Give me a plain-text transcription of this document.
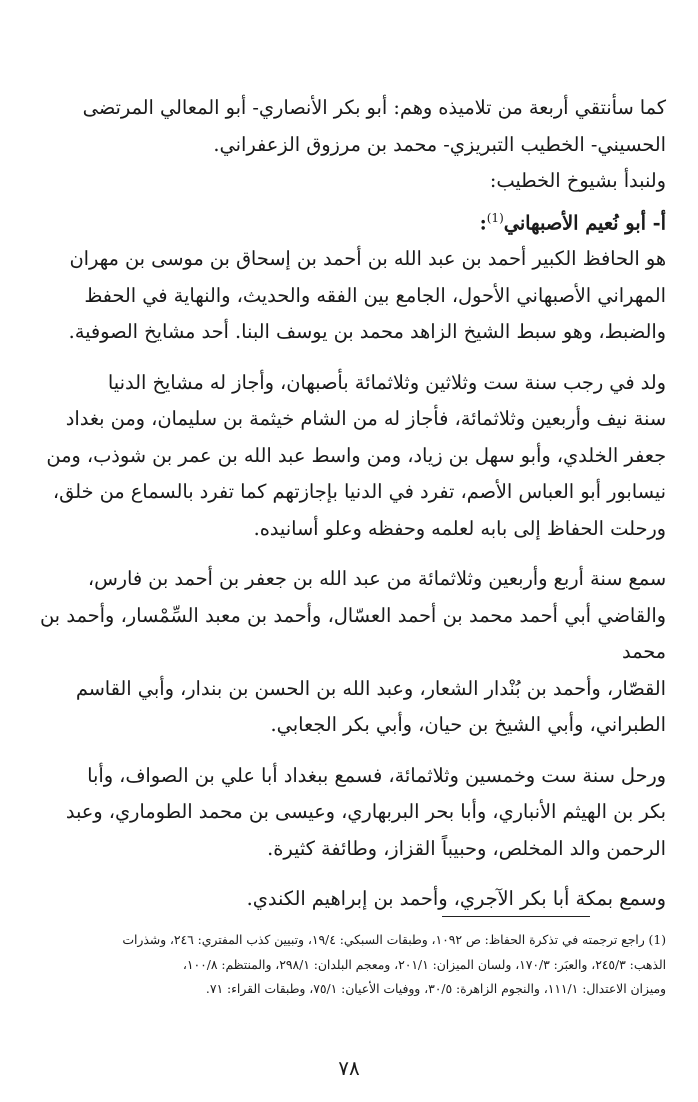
كما سأنتقي أربعة من تلاميذه وهم: أبو بكر الأنصاري- أبو المعالي المرتضى
الحسيني- الخطيب التبريزي- محمد بن مرزوق الزعفراني.

ولنبدأ بشيوخ الخطيب:

أ- أبو نُعيم الأصبهاني$^{(1)}$:

هو الحافظ الكبير أحمد بن عبد الله بن أحمد بن إسحاق بن موسى بن مهران
المهراني الأصبهاني الأحول، الجامع بين الفقه والحديث، والنهاية في الحفظ
والضبط، وهو سبط الشيخ الزاهد محمد بن يوسف البنا. أحد مشايخ الصوفية.

ولد في رجب سنة ست وثلاثين وثلاثمائة بأصبهان، وأجاز له مشايخ الدنيا
سنة نيف وأربعين وثلاثمائة، فأجاز له من الشام خيثمة بن سليمان، ومن بغداد
جعفر الخلدي، وأبو سهل بن زياد، ومن واسط عبد الله بن عمر بن شوذب، ومن
نيسابور أبو العباس الأصم، تفرد في الدنيا بإجازتهم كما تفرد بالسماع من خلق،
ورحلت الحفاظ إلى بابه لعلمه وحفظه وعلو أسانيده.

سمع سنة أربع وأربعين وثلاثمائة من عبد الله بن جعفر بن أحمد بن فارس،
والقاضي أبي أحمد محمد بن أحمد العسّال، وأحمد بن معبد السِّمْسار، وأحمد بن محمد
القصّار، وأحمد بن بُنْدار الشعار، وعبد الله بن الحسن بن بندار، وأبي القاسم
الطبراني، وأبي الشيخ بن حيان، وأبي بكر الجعابي.

ورحل سنة ست وخمسين وثلاثمائة، فسمع ببغداد أبا علي بن الصواف، وأبا
بكر بن الهيثم الأنباري، وأبا بحر البربهاري، وعيسى بن محمد الطوماري، وعبد
الرحمن والد المخلص، وحبيباً القزاز، وطائفة كثيرة.

وسمع بمكة أبا بكر الآجري، وأحمد بن إبراهيم الكندي.

(1) راجع ترجمته في تذكرة الحفاظ: ص ١٠٩٢، وطبقات السبكي: ١٩/٤، وتبيين كذب المفتري: ٢٤٦، وشذرات
الذهب: ٢٤٥/٣، والعبَر: ١٧٠/٣، ولسان الميزان: ٢٠١/١، ومعجم البلدان: ٢٩٨/١، والمنتظم: ١٠٠/٨،
وميزان الاعتدال: ١١١/١، والنجوم الزاهرة: ٣٠/٥، ووفيات الأعيان: ٧٥/١، وطبقات القراء: ٧١.
٧٨
